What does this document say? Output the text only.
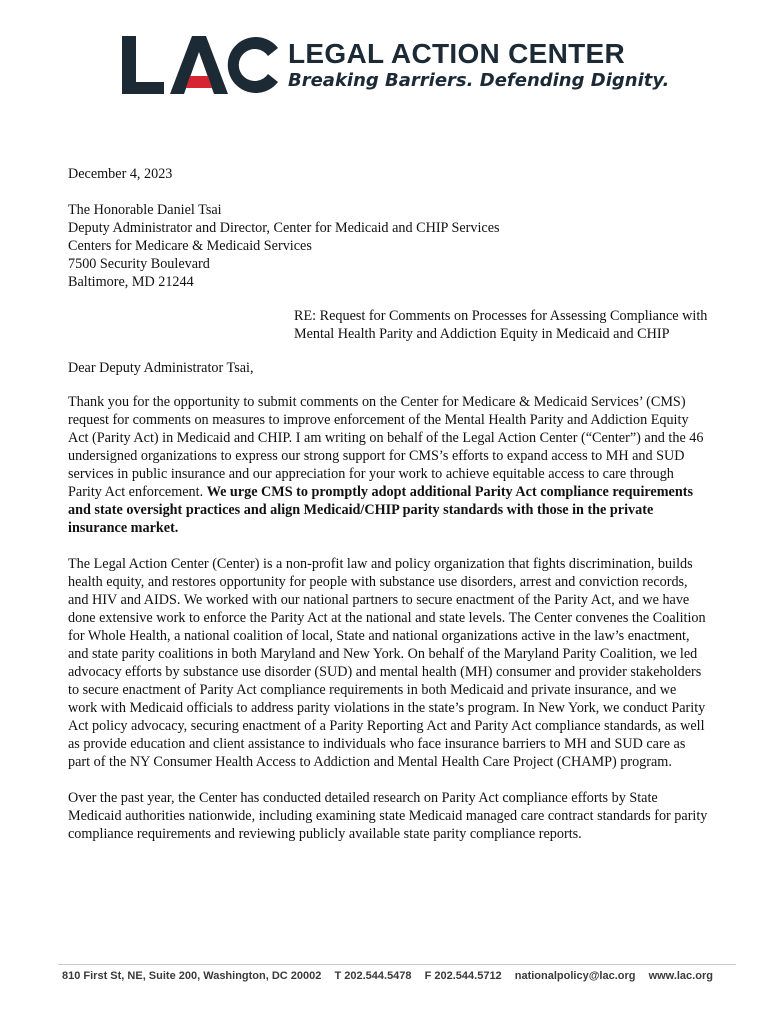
LEGAL ACTION CENTER
Breaking Barriers. Defending Dignity.

December 4, 2023

The Honorable Daniel Tsai
Deputy Administrator and Director, Center for Medicaid and CHIP Services
Centers for Medicare & Medicaid Services
7500 Security Boulevard
Baltimore, MD 21244

RE: Request for Comments on Processes for Assessing Compliance with Mental Health Parity and Addiction Equity in Medicaid and CHIP

Dear Deputy Administrator Tsai,

Thank you for the opportunity to submit comments on the Center for Medicare & Medicaid Services’ (CMS) request for comments on measures to improve enforcement of the Mental Health Parity and Addiction Equity Act (Parity Act) in Medicaid and CHIP. I am writing on behalf of the Legal Action Center (“Center”) and the 46 undersigned organizations to express our strong support for CMS’s efforts to expand access to MH and SUD services in public insurance and our appreciation for your work to achieve equitable access to care through Parity Act enforcement. We urge CMS to promptly adopt additional Parity Act compliance requirements and state oversight practices and align Medicaid/CHIP parity standards with those in the private insurance market.

The Legal Action Center (Center) is a non-profit law and policy organization that fights discrimination, builds health equity, and restores opportunity for people with substance use disorders, arrest and conviction records, and HIV and AIDS. We worked with our national partners to secure enactment of the Parity Act, and we have done extensive work to enforce the Parity Act at the national and state levels. The Center convenes the Coalition for Whole Health, a national coalition of local, State and national organizations active in the law’s enactment, and state parity coalitions in both Maryland and New York. On behalf of the Maryland Parity Coalition, we led advocacy efforts by substance use disorder (SUD) and mental health (MH) consumer and provider stakeholders to secure enactment of Parity Act compliance requirements in both Medicaid and private insurance, and we work with Medicaid officials to address parity violations in the state’s program. In New York, we conduct Parity Act policy advocacy, securing enactment of a Parity Reporting Act and Parity Act compliance standards, as well as provide education and client assistance to individuals who face insurance barriers to MH and SUD care as part of the NY Consumer Health Access to Addiction and Mental Health Care Project (CHAMP) program.

Over the past year, the Center has conducted detailed research on Parity Act compliance efforts by State Medicaid authorities nationwide, including examining state Medicaid managed care contract standards for parity compliance requirements and reviewing publicly available state parity compliance reports.

810 First St, NE, Suite 200, Washington, DC 20002 T 202.544.5478 F 202.544.5712 nationalpolicy@lac.org www.lac.org
